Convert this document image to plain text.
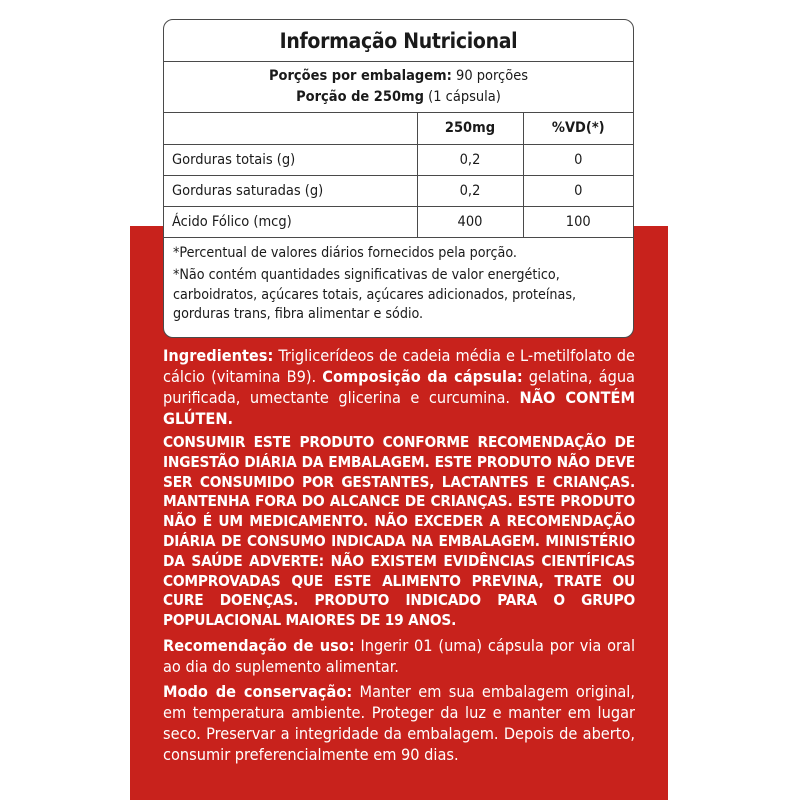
Informação Nutricional
Porções por embalagem: 90 porções
Porção de 250mg (1 cápsula)
	250mg	%VD(*)
Gorduras totais (g)	0,2	0
Gorduras saturadas (g)	0,2	0
Ácido Fólico (mcg)	400	100

*Percentual de valores diários fornecidos pela porção.

*Não contém quantidades significativas de valor energético, carboidratos, açúcares totais, açúcares adicionados, proteínas, gorduras trans, fibra alimentar e sódio.

Ingredientes: Triglicerídeos de cadeia média e L-metilfolato de cálcio (vitamina B9). Composição da cápsula: gelatina, água purificada, umectante glicerina e curcumina. NÃO CONTÉM GLÚTEN.
CONSUMIR ESTE PRODUTO CONFORME RECOMENDAÇÃO DE INGESTÃO DIÁRIA DA EMBALAGEM. ESTE PRODUTO NÃO DEVE SER CONSUMIDO POR GESTANTES, LACTANTES E CRIANÇAS. MANTENHA FORA DO ALCANCE DE CRIANÇAS. ESTE PRODUTO NÃO É UM MEDICAMENTO. NÃO EXCEDER A RECOMENDAÇÃO DIÁRIA DE CONSUMO INDICADA NA EMBALAGEM. MINISTÉRIO DA SAÚDE ADVERTE: NÃO EXISTEM EVIDÊNCIAS CIENTÍFICAS COMPROVADAS QUE ESTE ALIMENTO PREVINA, TRATE OU CURE DOENÇAS. PRODUTO INDICADO PARA O GRUPO POPULACIONAL MAIORES DE 19 ANOS.
Recomendação de uso: Ingerir 01 (uma) cápsula por via oral ao dia do suplemento alimentar.
Modo de conservação: Manter em sua embalagem original, em temperatura ambiente. Proteger da luz e manter em lugar seco. Preservar a integridade da embalagem. Depois de aberto, consumir preferencialmente em 90 dias.
